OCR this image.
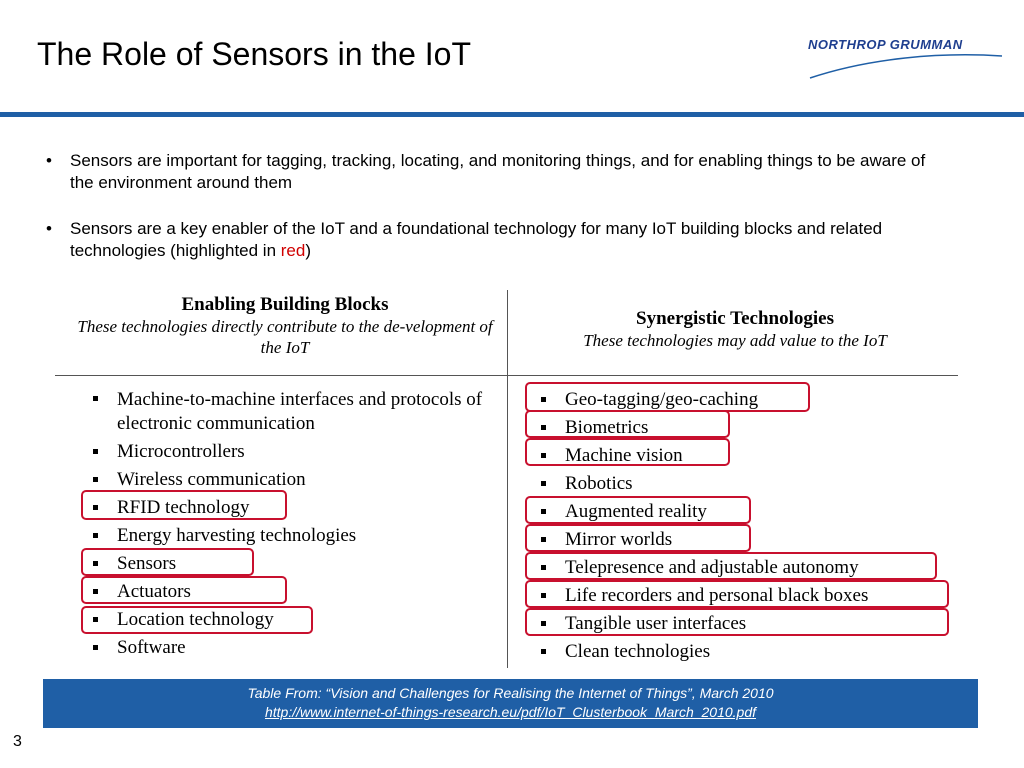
The Role of Sensors in the IoT	NORTHROP GRUMMAN
• Sensors are important for tagging, tracking, locating, and monitoring things, and for enabling things to be aware of the environment around them
• Sensors are a key enabler of the IoT and a foundational technology for many IoT building blocks and related technologies (highlighted in red)
Enabling Building Blocks
These technologies directly contribute to the de-velopment of the IoT
Synergistic Technologies
These technologies may add value to the IoT
Machine-to-machine interfaces and protocols of electronic communication
Microcontrollers
Wireless communication
RFID technology
Energy harvesting technologies
Sensors
Actuators
Location technology
Software
Geo-tagging/geo-caching
Biometrics
Machine vision
Robotics
Augmented reality
Mirror worlds
Telepresence and adjustable autonomy
Life recorders and personal black boxes
Tangible user interfaces
Clean technologies
Table From: “Vision and Challenges for Realising the Internet of Things”, March 2010
http://www.internet-of-things-research.eu/pdf/IoT_Clusterbook_March_2010.pdf
3
